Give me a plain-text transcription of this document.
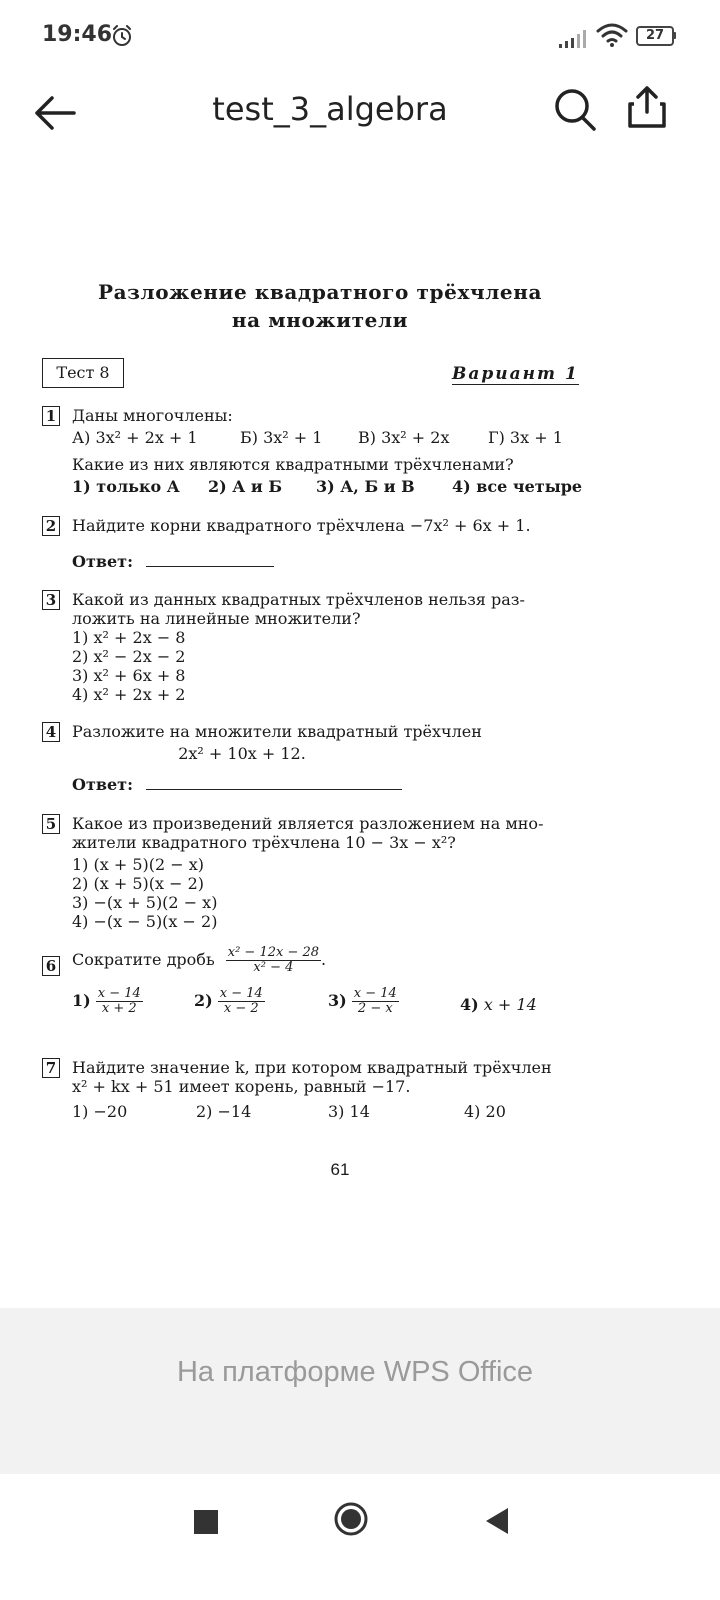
19:46	27
test_3_algebra
Разложение квадратного трёхчлена
на множители
Тест 8	Вариант 1
1 Даны многочлены:
А) 3x² + 2x + 1	Б) 3x² + 1 В) 3x² + 2x Г) 3x + 1
Какие из них являются квадратными трёхчленами?
1) только А 2) А и Б 3) А, Б и В 4) все четыре
2 Найдите корни квадратного трёхчлена −7x² + 6x + 1.
Ответ:
3 Какой из данных квадратных трёхчленов нельзя раз-
ложить на линейные множители?
1) x² + 2x − 8
2) x² − 2x − 2
3) x² + 6x + 8
4) x² + 2x + 2
4 Разложите на множители квадратный трёхчлен
2x² + 10x + 12.
Ответ:
5 Какое из произведений является разложением на мно-
жители квадратного трёхчлена 10 − 3x − x²?
1) (x + 5)(2 − x)
2) (x + 5)(x − 2)
3) −(x + 5)(2 − x)
4) −(x − 5)(x − 2)
6 Сократите дробь $\frac{\text{x² − 12x − 28}}{\text{x² − 4}}$ .
$1) \frac{x - 14}{x + 2}$	$2) \frac{x - 14}{x - 2}$	$3) \frac{x - 14}{2 - x}$	4) x + 14
7 Найдите значение k, при котором квадратный трёхчлен
x² + kx + 51 имеет корень, равный −17.
1) −20	2) −14	3) 14	4) 20
61
На платформе WPS Office
